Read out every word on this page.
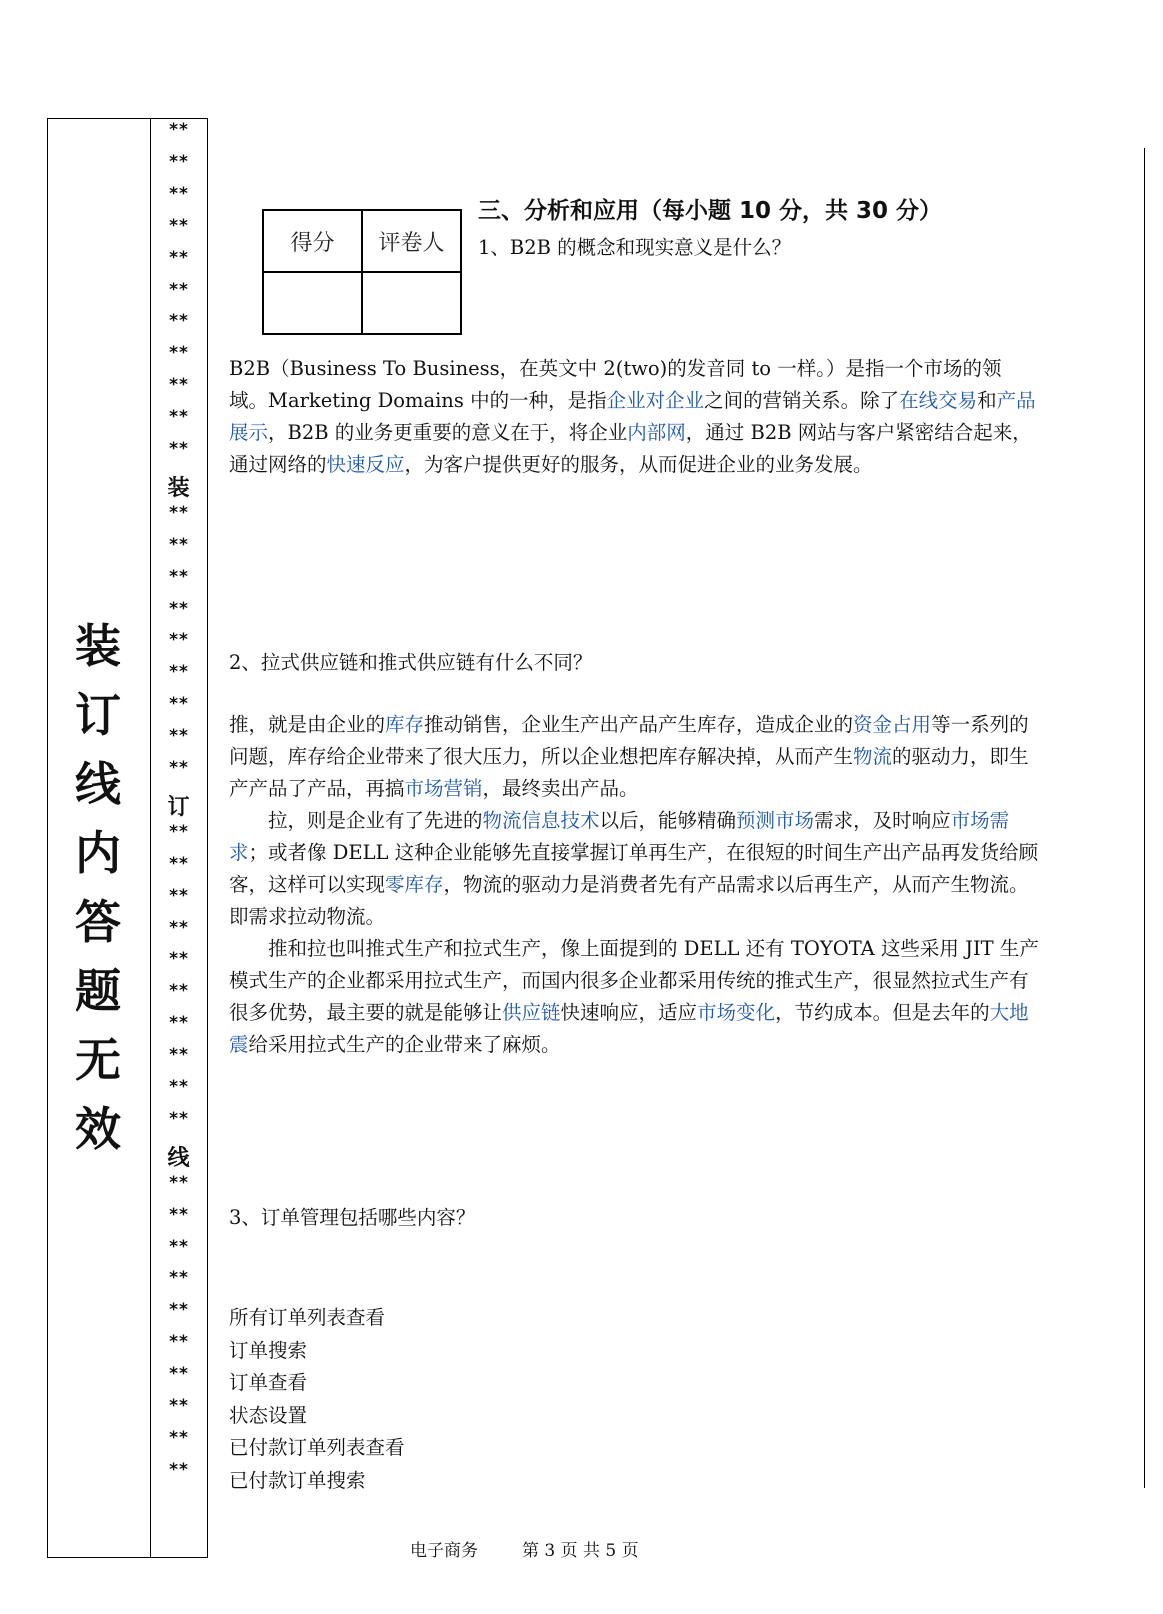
装
订
线
内
答
题
无
效
**
**
**
**
**
**
**
**
**
**
**
装
**
**
**
**
**
**
**
**
**
订
**
**
**
**
**
**
**
**
**
**
线
**
**
**
**
**
**
**
**
**
**
得分	评卷人

三、分析和应用（每小题 10 分，共 30 分）
1、B2B 的概念和现实意义是什么？
B2B（Business To Business，在英文中 2(two)的发音同 to 一样。）是指一个市场的领域。Marketing Domains 中的一种，是指企业对企业之间的营销关系。除了在线交易和产品展示，B2B 的业务更重要的意义在于，将企业内部网，通过 B2B 网站与客户紧密结合起来，通过网络的快速反应，为客户提供更好的服务，从而促进企业的业务发展。
2、拉式供应链和推式供应链有什么不同？
推，就是由企业的库存推动销售，企业生产出产品产生库存，造成企业的资金占用等一系列的问题，库存给企业带来了很大压力，所以企业想把库存解决掉，从而产生物流的驱动力，即生产产品了产品，再搞市场营销，最终卖出产品。
拉，则是企业有了先进的物流信息技术以后，能够精确预测市场需求，及时响应市场需求；或者像 DELL 这种企业能够先直接掌握订单再生产，在很短的时间生产出产品再发货给顾客，这样可以实现零库存，物流的驱动力是消费者先有产品需求以后再生产，从而产生物流。即需求拉动物流。
推和拉也叫推式生产和拉式生产，像上面提到的 DELL 还有 TOYOTA 这些采用 JIT 生产模式生产的企业都采用拉式生产，而国内很多企业都采用传统的推式生产，很显然拉式生产有很多优势，最主要的就是能够让供应链快速响应，适应市场变化，节约成本。但是去年的大地震给采用拉式生产的企业带来了麻烦。
3、订单管理包括哪些内容？
所有订单列表查看
订单搜索
订单查看
状态设置
已付款订单列表查看
已付款订单搜索
电子商务	第 3 页 共 5 页
